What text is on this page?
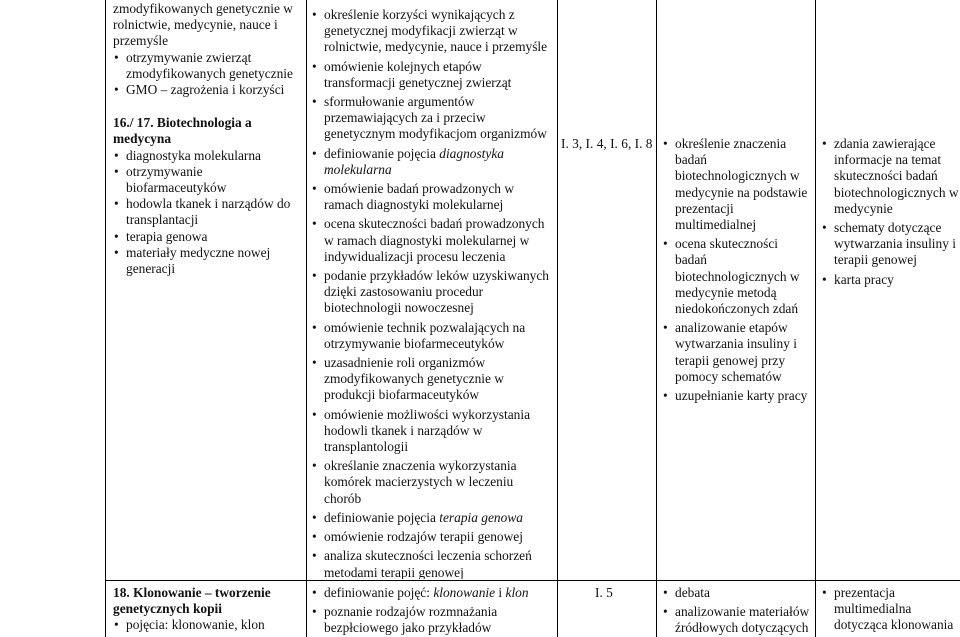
zmodyfikowanych genetycznie w rolnictwie, medycynie, nauce i przemyśle

• otrzymywanie zwierząt zmodyfikowanych genetycznie

• GMO – zagrożenia i korzyści

16./ 17. Biotechnologia a medycyna

• diagnostyka molekularna

• otrzymywanie biofarmaceutyków

• hodowla tkanek i narządów do transplantacji

• terapia genowa

• materiały medyczne nowej generacji

18. Klonowanie – tworzenie genetycznych kopii

• pojęcia: klonowanie, klon

• określenie korzyści wynikających z genetycznej modyfikacji zwierząt w rolnictwie, medycynie, nauce i przemyśle

• omówienie kolejnych etapów transformacji genetycznej zwierząt

• sformułowanie argumentów przemawiających za i przeciw genetycznym modyfikacjom organizmów

• definiowanie pojęcia diagnostyka molekularna

• omówienie badań prowadzonych w ramach diagnostyki molekularnej

• ocena skuteczności badań prowadzonych w ramach diagnostyki molekularnej w indywidualizacji procesu leczenia

• podanie przykładów leków uzyskiwanych dzięki zastosowaniu procedur biotechnologii nowoczesnej

• omówienie technik pozwalających na otrzymywanie biofarmeceutyków

• uzasadnienie roli organizmów zmodyfikowanych genetycznie w produkcji biofarmaceutyków

• omówienie możliwości wykorzystania hodowli tkanek i narządów w transplantologii

• określanie znaczenia wykorzystania komórek macierzystych w leczeniu chorób

• definiowanie pojęcia terapia genowa

• omówienie rodzajów terapii genowej

• analiza skuteczności leczenia schorzeń metodami terapii genowej

• definiowanie pojęć: klonowanie i klon

• poznanie rodzajów rozmnażania bezpłciowego jako przykładów

I. 3, I. 4, I. 6, I. 8

I. 5

• określenie znaczenia badań biotechnologicznych w medycynie na podstawie prezentacji multimedialnej

• ocena skuteczności badań biotechnologicznych w medycynie metodą niedokończonych zdań

• analizowanie etapów wytwarzania insuliny i terapii genowej przy pomocy schematów

• uzupełnianie karty pracy

• debata

• analizowanie materiałów źródłowych dotyczących

• zdania zawierające informacje na temat skuteczności badań biotechnologicznych w medycynie

• schematy dotyczące wytwarzania insuliny i terapii genowej

• karta pracy

• prezentacja multimedialna dotycząca klonowania
